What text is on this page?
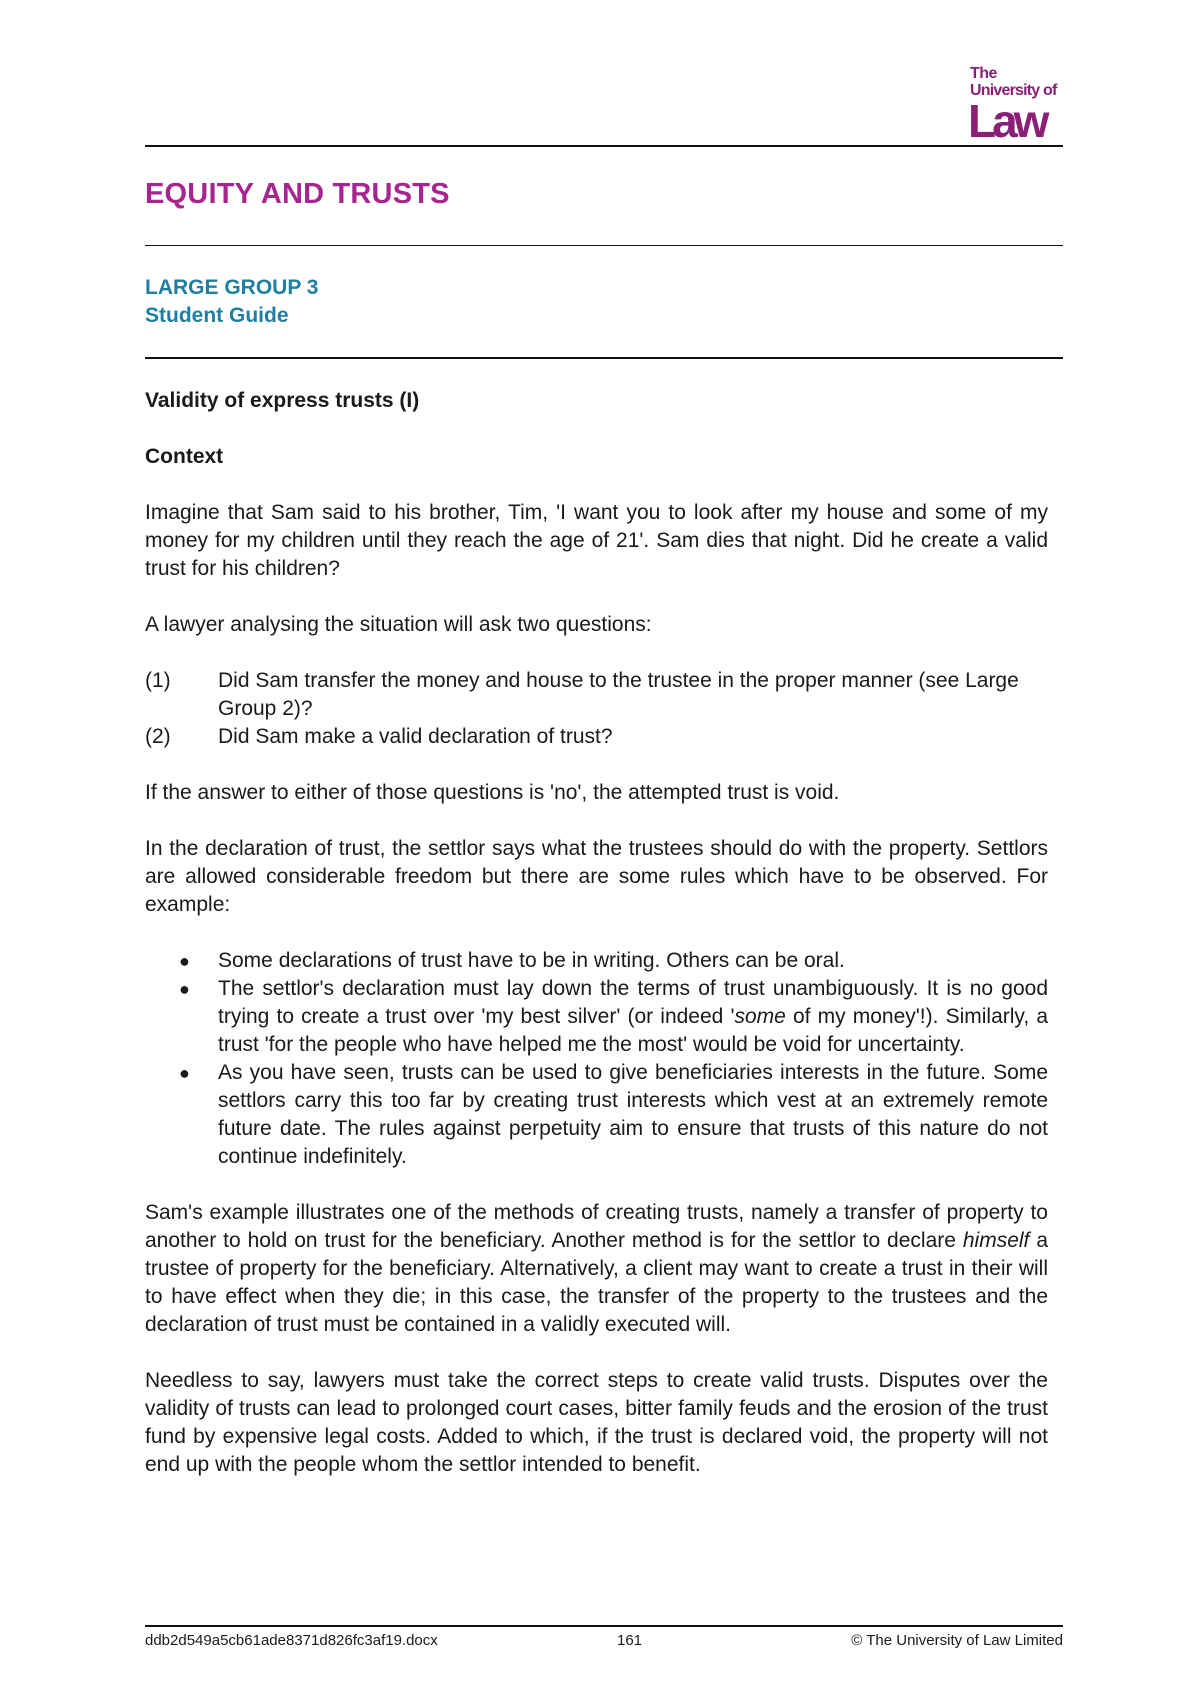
The
University of
Law
EQUITY AND TRUSTS
LARGE GROUP 3
Student Guide
Validity of express trusts (I)
Context

Imagine that Sam said to his brother, Tim, 'I want you to look after my house and some of my money for my children until they reach the age of 21'. Sam dies that night. Did he create a valid trust for his children?

A lawyer analysing the situation will ask two questions:

(1)	Did Sam transfer the money and house to the trustee in the proper manner (see Large Group 2)?
(2)	Did Sam make a valid declaration of trust?

If the answer to either of those questions is 'no', the attempted trust is void.

In the declaration of trust, the settlor says what the trustees should do with the property. Settlors are allowed considerable freedom but there are some rules which have to be observed. For example:

●	Some declarations of trust have to be in writing. Others can be oral.
●	The settlor's declaration must lay down the terms of trust unambiguously. It is no good trying to create a trust over 'my best silver' (or indeed 'some of my money'!). Similarly, a trust 'for the people who have helped me the most' would be void for uncertainty.
●	As you have seen, trusts can be used to give beneficiaries interests in the future. Some settlors carry this too far by creating trust interests which vest at an extremely remote future date. The rules against perpetuity aim to ensure that trusts of this nature do not continue indefinitely.

Sam's example illustrates one of the methods of creating trusts, namely a transfer of property to another to hold on trust for the beneficiary. Another method is for the settlor to declare himself a trustee of property for the beneficiary. Alternatively, a client may want to create a trust in their will to have effect when they die; in this case, the transfer of the property to the trustees and the declaration of trust must be contained in a validly executed will.

Needless to say, lawyers must take the correct steps to create valid trusts. Disputes over the validity of trusts can lead to prolonged court cases, bitter family feuds and the erosion of the trust fund by expensive legal costs. Added to which, if the trust is declared void, the property will not end up with the people whom the settlor intended to benefit.

ddb2d549a5cb61ade8371d826fc3af19.docx	161	© The University of Law Limited
